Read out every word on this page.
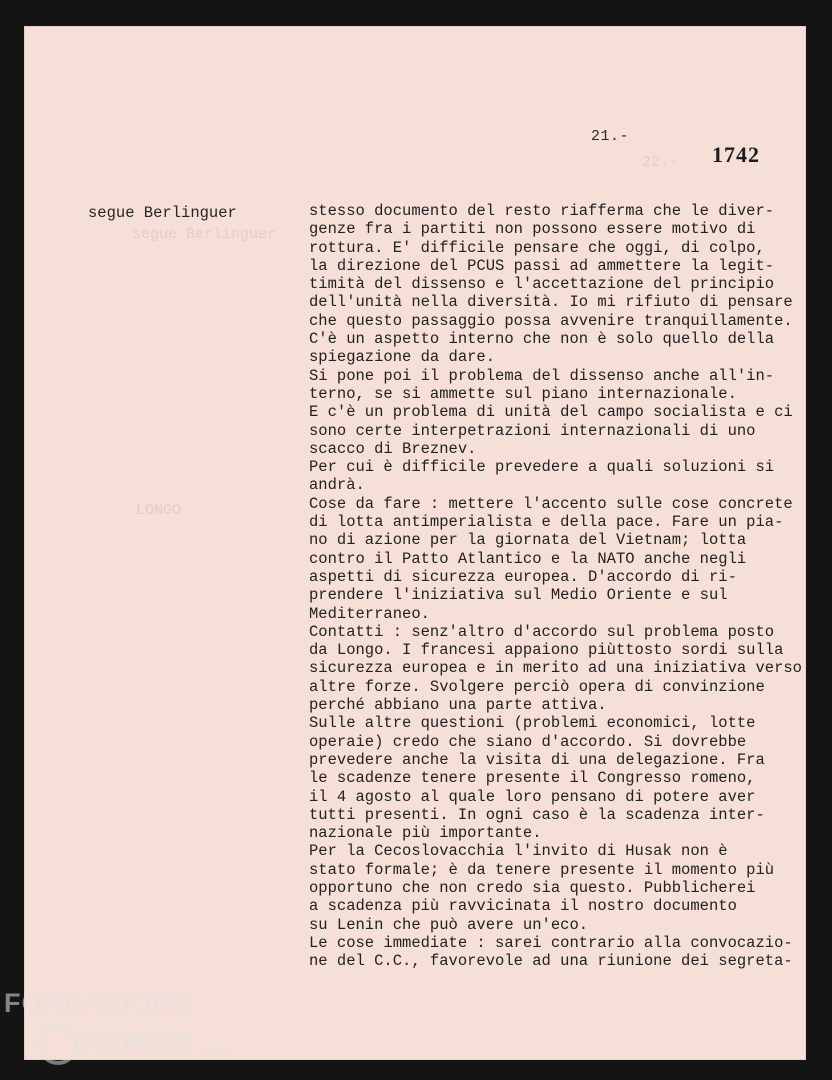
22.-
segue Berlinguer
LONGO
21.-
1742
segue Berlinguer	stesso documento del resto riafferma che le diver-
genze fra i partiti non possono essere motivo di
rottura. E' difficile pensare che oggi, di colpo,
la direzione del PCUS passi ad ammettere la legit-
timità del dissenso e l'accettazione del principio
dell'unità nella diversità. Io mi rifiuto di pensare
che questo passaggio possa avvenire tranquillamente.
C'è un aspetto interno che non è solo quello della
spiegazione da dare.
Si pone poi il problema del dissenso anche all'in-
terno, se si ammette sul piano internazionale.
E c'è un problema di unità del campo socialista e ci
sono certe interpetrazioni internazionali di uno
scacco di Breznev.
Per cui è difficile prevedere a quali soluzioni si
andrà.
Cose da fare : mettere l'accento sulle cose concrete
di lotta antimperialista e della pace. Fare un pia-
no di azione per la giornata del Vietnam; lotta
contro il Patto Atlantico e la NATO anche negli
aspetti di sicurezza europea. D'accordo di ri-
prendere l'iniziativa sul Medio Oriente e sul
Mediterraneo.
Contatti : senz'altro d'accordo sul problema posto
da Longo. I francesi appaiono piùttosto sordi sulla
sicurezza europea e in merito ad una iniziativa verso
altre forze. Svolgere perciò opera di convinzione
perché abbiano una parte attiva.
Sulle altre questioni (problemi economici, lotte
operaie) credo che siano d'accordo. Si dovrebbe
prevedere anche la visita di una delegazione. Fra
le scadenze tenere presente il Congresso romeno,
il 4 agosto al quale loro pensano di potere aver
tutti presenti. In ogni caso è la scadenza inter-
nazionale più importante.
Per la Cecoslovacchia l'invito di Husak non è
stato formale; è da tenere presente il momento più
opportuno che non credo sia questo. Pubblicherei
a scadenza più ravvicinata il nostro documento
su Lenin che può avere un'eco.
Le cose immediate : sarei contrario alla convocazio-
ne del C.C., favorevole ad una riunione dei segreta-
FONDAZIONE
RAMSCI onlus
